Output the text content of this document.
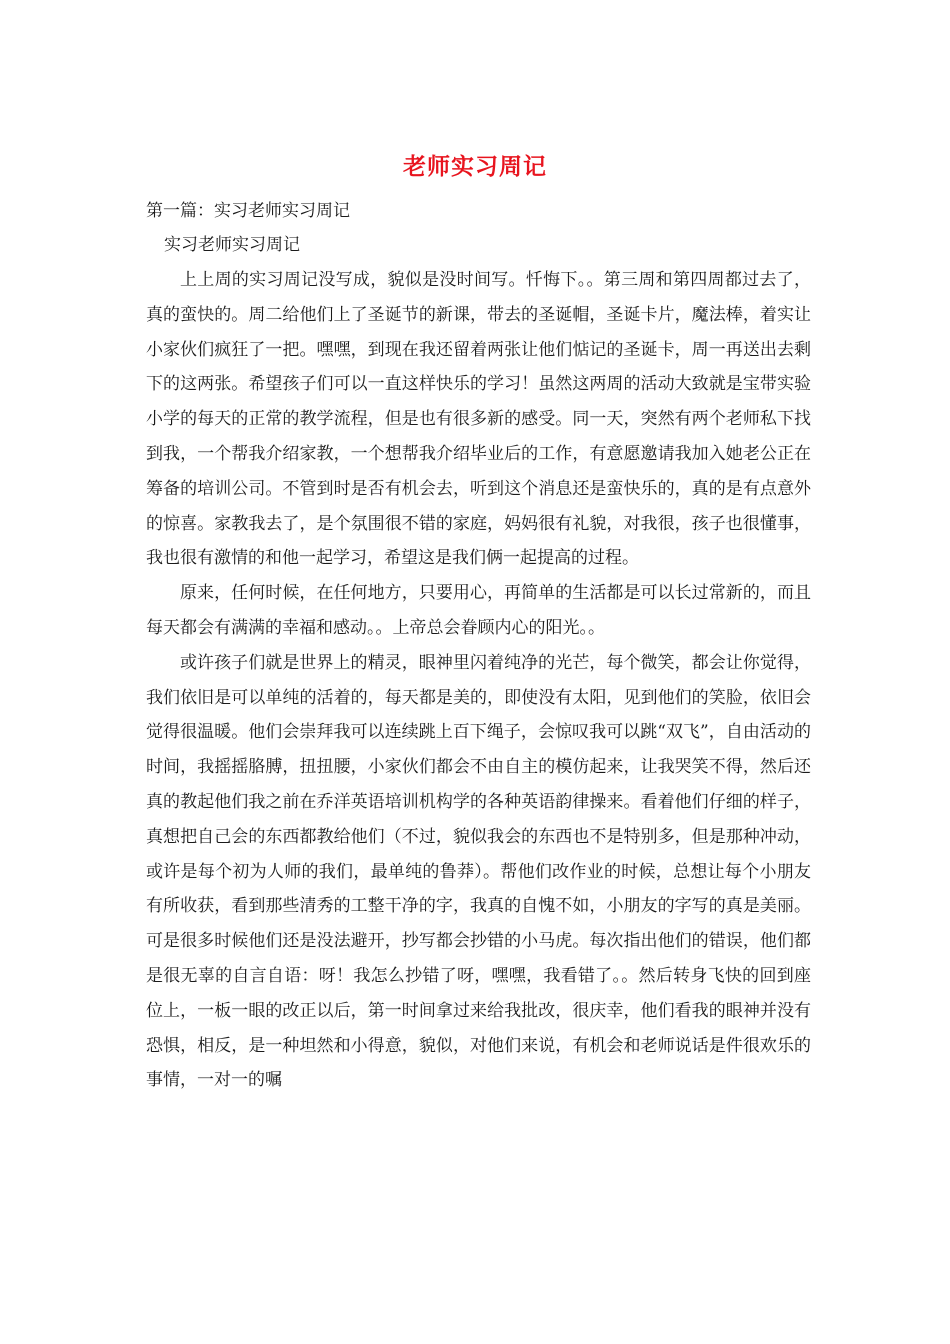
老师实习周记

第一篇：实习老师实习周记

实习老师实习周记

上上周的实习周记没写成，貌似是没时间写。忏悔下。。第三周和第四周都过去了，真的蛮快的。周二给他们上了圣诞节的新课，带去的圣诞帽，圣诞卡片，魔法棒，着实让小家伙们疯狂了一把。嘿嘿，到现在我还留着两张让他们惦记的圣诞卡，周一再送出去剩下的这两张。希望孩子们可以一直这样快乐的学习！虽然这两周的活动大致就是宝带实验小学的每天的正常的教学流程，但是也有很多新的感受。同一天，突然有两个老师私下找到我，一个帮我介绍家教，一个想帮我介绍毕业后的工作，有意愿邀请我加入她老公正在筹备的培训公司。不管到时是否有机会去，听到这个消息还是蛮快乐的，真的是有点意外的惊喜。家教我去了，是个氛围很不错的家庭，妈妈很有礼貌，对我很，孩子也很懂事，我也很有激情的和他一起学习，希望这是我们俩一起提高的过程。

原来，任何时候，在任何地方，只要用心，再简单的生活都是可以长过常新的，而且每天都会有满满的幸福和感动。。上帝总会眷顾内心的阳光。。

或许孩子们就是世界上的精灵，眼神里闪着纯净的光芒，每个微笑，都会让你觉得，我们依旧是可以单纯的活着的，每天都是美的，即使没有太阳，见到他们的笑脸，依旧会觉得很温暖。他们会崇拜我可以连续跳上百下绳子，会惊叹我可以跳“双飞”，自由活动的时间，我摇摇胳膊，扭扭腰，小家伙们都会不由自主的模仿起来，让我哭笑不得，然后还真的教起他们我之前在乔洋英语培训机构学的各种英语韵律操来。看着他们仔细的样子，真想把自己会的东西都教给他们（不过，貌似我会的东西也不是特别多，但是那种冲动，或许是每个初为人师的我们，最单纯的鲁莽）。帮他们改作业的时候，总想让每个小朋友有所收获，看到那些清秀的工整干净的字，我真的自愧不如，小朋友的字写的真是美丽。可是很多时候他们还是没法避开，抄写都会抄错的小马虎。每次指出他们的错误，他们都是很无辜的自言自语：呀！我怎么抄错了呀，嘿嘿，我看错了。。然后转身飞快的回到座位上，一板一眼的改正以后，第一时间拿过来给我批改，很庆幸，他们看我的眼神并没有恐惧，相反，是一种坦然和小得意，貌似，对他们来说，有机会和老师说话是件很欢乐的事情，一对一的嘱
